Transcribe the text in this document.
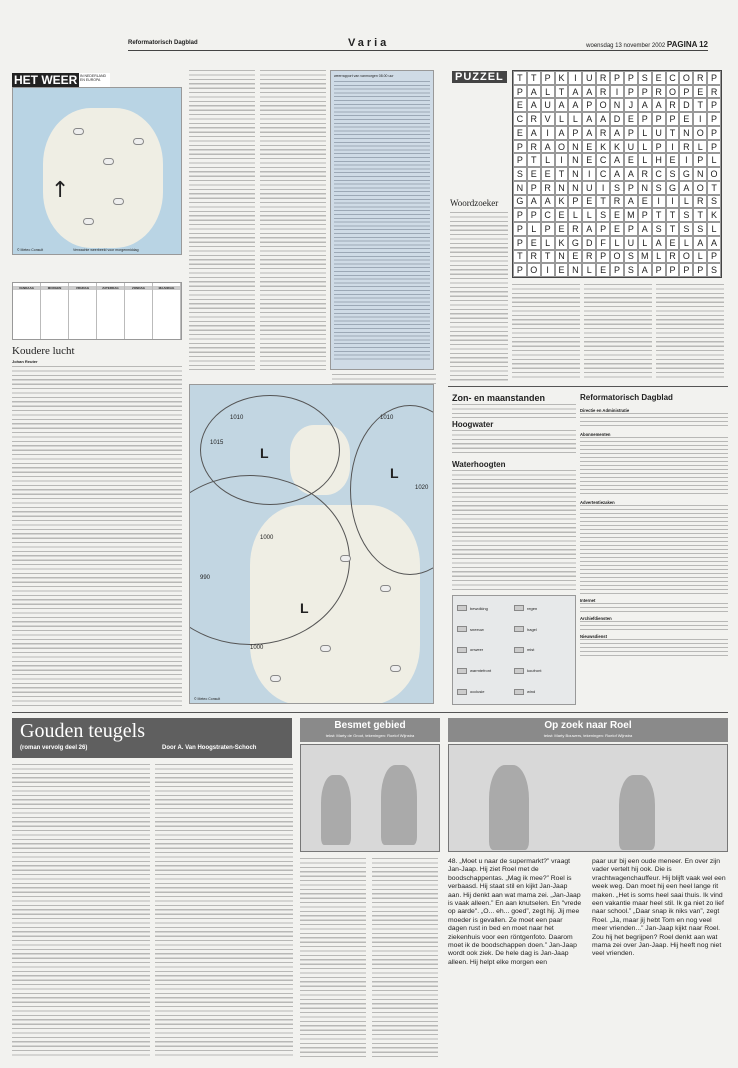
Reformatorisch Dagblad	Varia	woensdag 13 november 2002 PAGINA 12
HET WEER IN NEDERLAND EN EUROPA
↑
© Meteo Consult	Verwachte weerbeeld voor morgenmiddag
VANDAAG	MORGEN	VRIJDAG	ZATERDAG	ZONDAG	MAANDAG
Koudere lucht
Johan Reuter
weerrapport van vanmorgen 08.00 uur
L
L
L
1015
1010
1000
990
1000
1010
1020
© Meteo Consult
PUZZEL	T T P K	I	U R P P S E C O R P
P A L T A A R	I	P P R O P E R
E A U A A P O N J A A R D T P
C R V L L A A D E P P P E	I	P
E A	I	A P A R A P L U T N O P
P R A O N E K K U L P	I	R L P
P T L	I	N E C A E L H E	I	P L
S E E T N	I	C A A R C S G N O
N P R N N U	I	S P N S G A O T
G A A K P E T R A E	I	I	L R S
P P C E L L S E M P T T S T K
P L P E R A P E P A S T S S L
P E L K G D F L U L A E L A A
T R T N E R P O S M L R O L P
P O	I	E N L E P S A P P P P S
Woordzoeker
Zon- en maanstanden
Hoogwater
Waterhoogten
bewolking	regen
sneeuw	hagel
onweer	mist
warmtefront	koufront
occlusie	wind
Reformatorisch Dagblad
Directie en Administratie
Abonnementen
Advertentiezaken
Internet
Archiefdiensten
Nieuwsdienst
Gouden teugels
(roman vervolg deel 26)	Door A. Van Hoogstraten-Schoch
Besmet gebied
tekst: Marty de Groot, tekeningen: Roelof Wijnstra
Op zoek naar Roel
tekst: Marty Bouwers, tekeningen: Roelof Wijnstra
48. „Moet u naar de supermarkt?” vraagt Jan-Jaap. Hij ziet Roel met de boodschappentas. „Mag ik mee?” Roel is verbaasd. Hij staat stil en kijkt Jan-Jaap aan. Hij denkt aan wat mama zei. „Jan-Jaap is vaak alleen.” En aan knutselen. En "vrede op aarde". „O... eh... goed”, zegt hij. Jij mee moeder is gevallen. Ze moet een paar dagen rust in bed en moet naar het ziekenhuis voor een röntgenfoto. Daarom moet ik de boodschappen doen.” Jan-Jaap wordt ook ziek. De hele dag is Jan-Jaap alleen. Hij helpt elke morgen een
paar uur bij een oude meneer. En over zijn vader vertelt hij ook. Die is vrachtwagenchauffeur. Hij blijft vaak wel een week weg. Dan moet hij een heel lange rit maken. „Het is soms heel saai thuis. Ik vind een vakantie maar heel stil. Ik ga niet zo lief naar school.” „Daar snap ik niks van”, zegt Roel. „Ja, maar jij hebt Tom en nog veel meer vrienden...” Jan-Jaap kijkt naar Roel. Zou hij het begrijpen? Roel denkt aan wat mama zei over Jan-Jaap. Hij heeft nog niet veel vrienden.
